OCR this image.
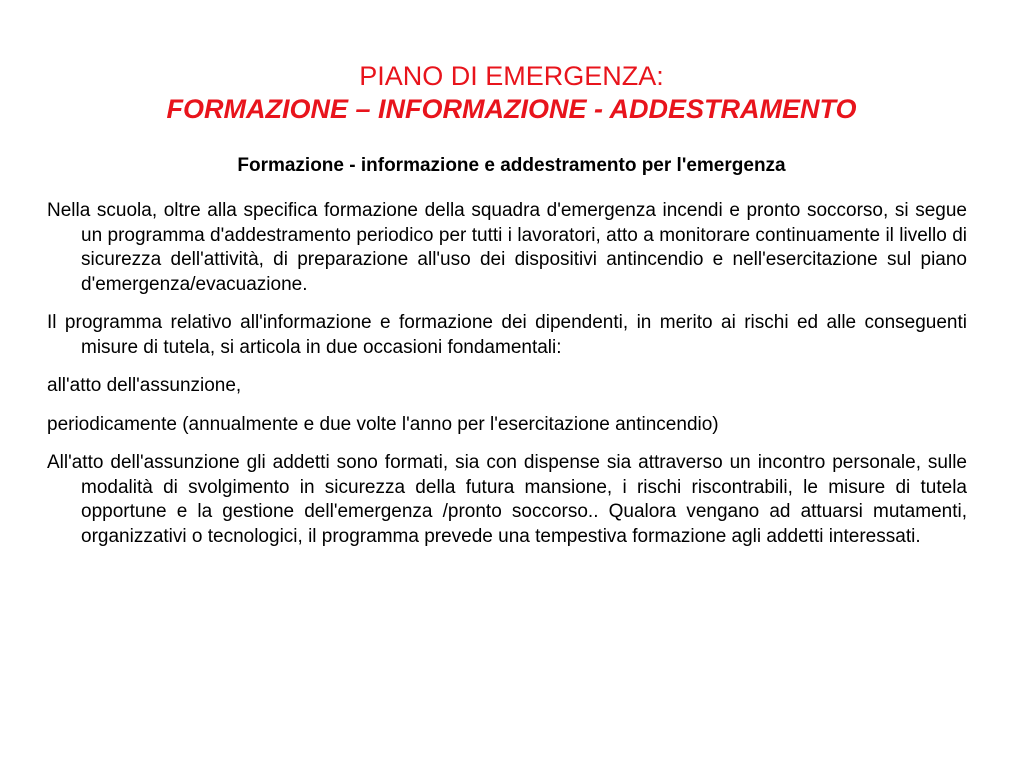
PIANO DI EMERGENZA:
FORMAZIONE – INFORMAZIONE - ADDESTRAMENTO
Formazione - informazione e addestramento per l'emergenza

Nella scuola, oltre alla specifica formazione della squadra d'emergenza incendi e pronto soccorso, si segue un programma d'addestramento periodico per tutti i lavoratori, atto a monitorare continuamente il livello di sicurezza dell'attività, di preparazione all'uso dei dispositivi antincendio e nell'esercitazione sul piano d'emergenza/evacuazione.

Il programma relativo all'informazione e formazione dei dipendenti, in merito ai rischi ed alle conseguenti misure di tutela, si articola in due occasioni fondamentali:

all'atto dell'assunzione,

periodicamente (annualmente e due volte l'anno per l'esercitazione antincendio)

All'atto dell'assunzione gli addetti sono formati, sia con dispense sia attraverso un incontro personale, sulle modalità di svolgimento in sicurezza della futura mansione, i rischi riscontrabili, le misure di tutela opportune e la gestione dell'emergenza /pronto soccorso.. Qualora vengano ad attuarsi mutamenti, organizzativi o tecnologici, il programma prevede una tempestiva formazione agli addetti interessati.
